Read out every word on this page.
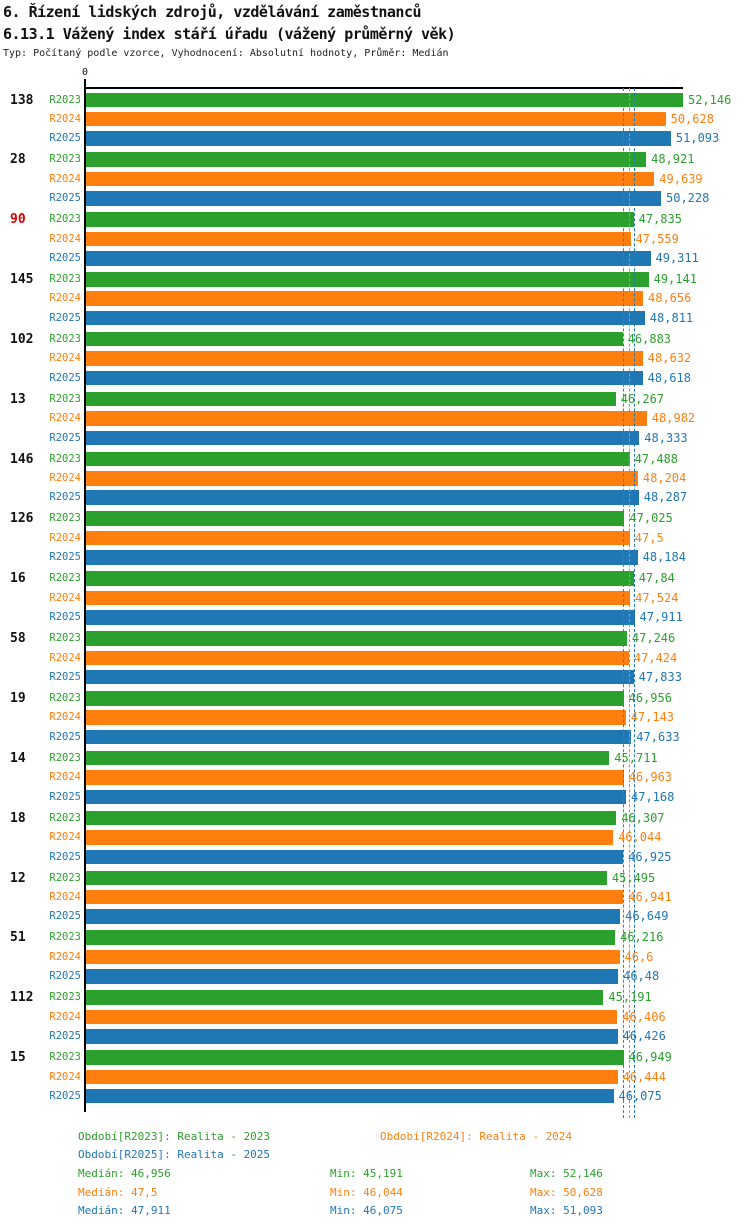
6. Řízení lidských zdrojů, vzdělávání zaměstnanců
6.13.1 Vážený index stáří úřadu (vážený průměrný věk)
Typ: Počítaný podle vzorce, Vyhodnocení: Absolutní hodnoty, Průměr: Medián
0
138	R2023	52,146
R2024	50,628
R2025	51,093
28	R2023	48,921
R2024	49,639
R2025	50,228
90	R2023	47,835
R2024	47,559
R2025	49,311
145	R2023	49,141
R2024	48,656
R2025	48,811
102	R2023	46,883
R2024	48,632
R2025	48,618
13	R2023	46,267
R2024	48,982
R2025	48,333
146	R2023	47,488
R2024	48,204
R2025	48,287
126	R2023	47,025
R2024	47,5
R2025	48,184
16	R2023	47,84
R2024	47,524
R2025	47,911
58	R2023	47,246
R2024	47,424
R2025	47,833
19	R2023	46,956
R2024	47,143
R2025	47,633
14	R2023	45,711
R2024	46,963
R2025	47,168
18	R2023	46,307
R2024	46,044
R2025	46,925
12	R2023	45,495
R2024	46,941
R2025	46,649
51	R2023	46,216
R2024	46,6
R2025	46,48
112	R2023	45,191
R2024	46,406
R2025	46,426
15	R2023	46,949
R2024	46,444
R2025	46,075
Období[R2023]: Realita - 2023	Období[R2024]: Realita - 2024
Období[R2025]: Realita - 2025
Medián: 46,956	Min: 45,191	Max: 52,146
Medián: 47,5	Min: 46,044	Max: 50,628
Medián: 47,911	Min: 46,075	Max: 51,093
